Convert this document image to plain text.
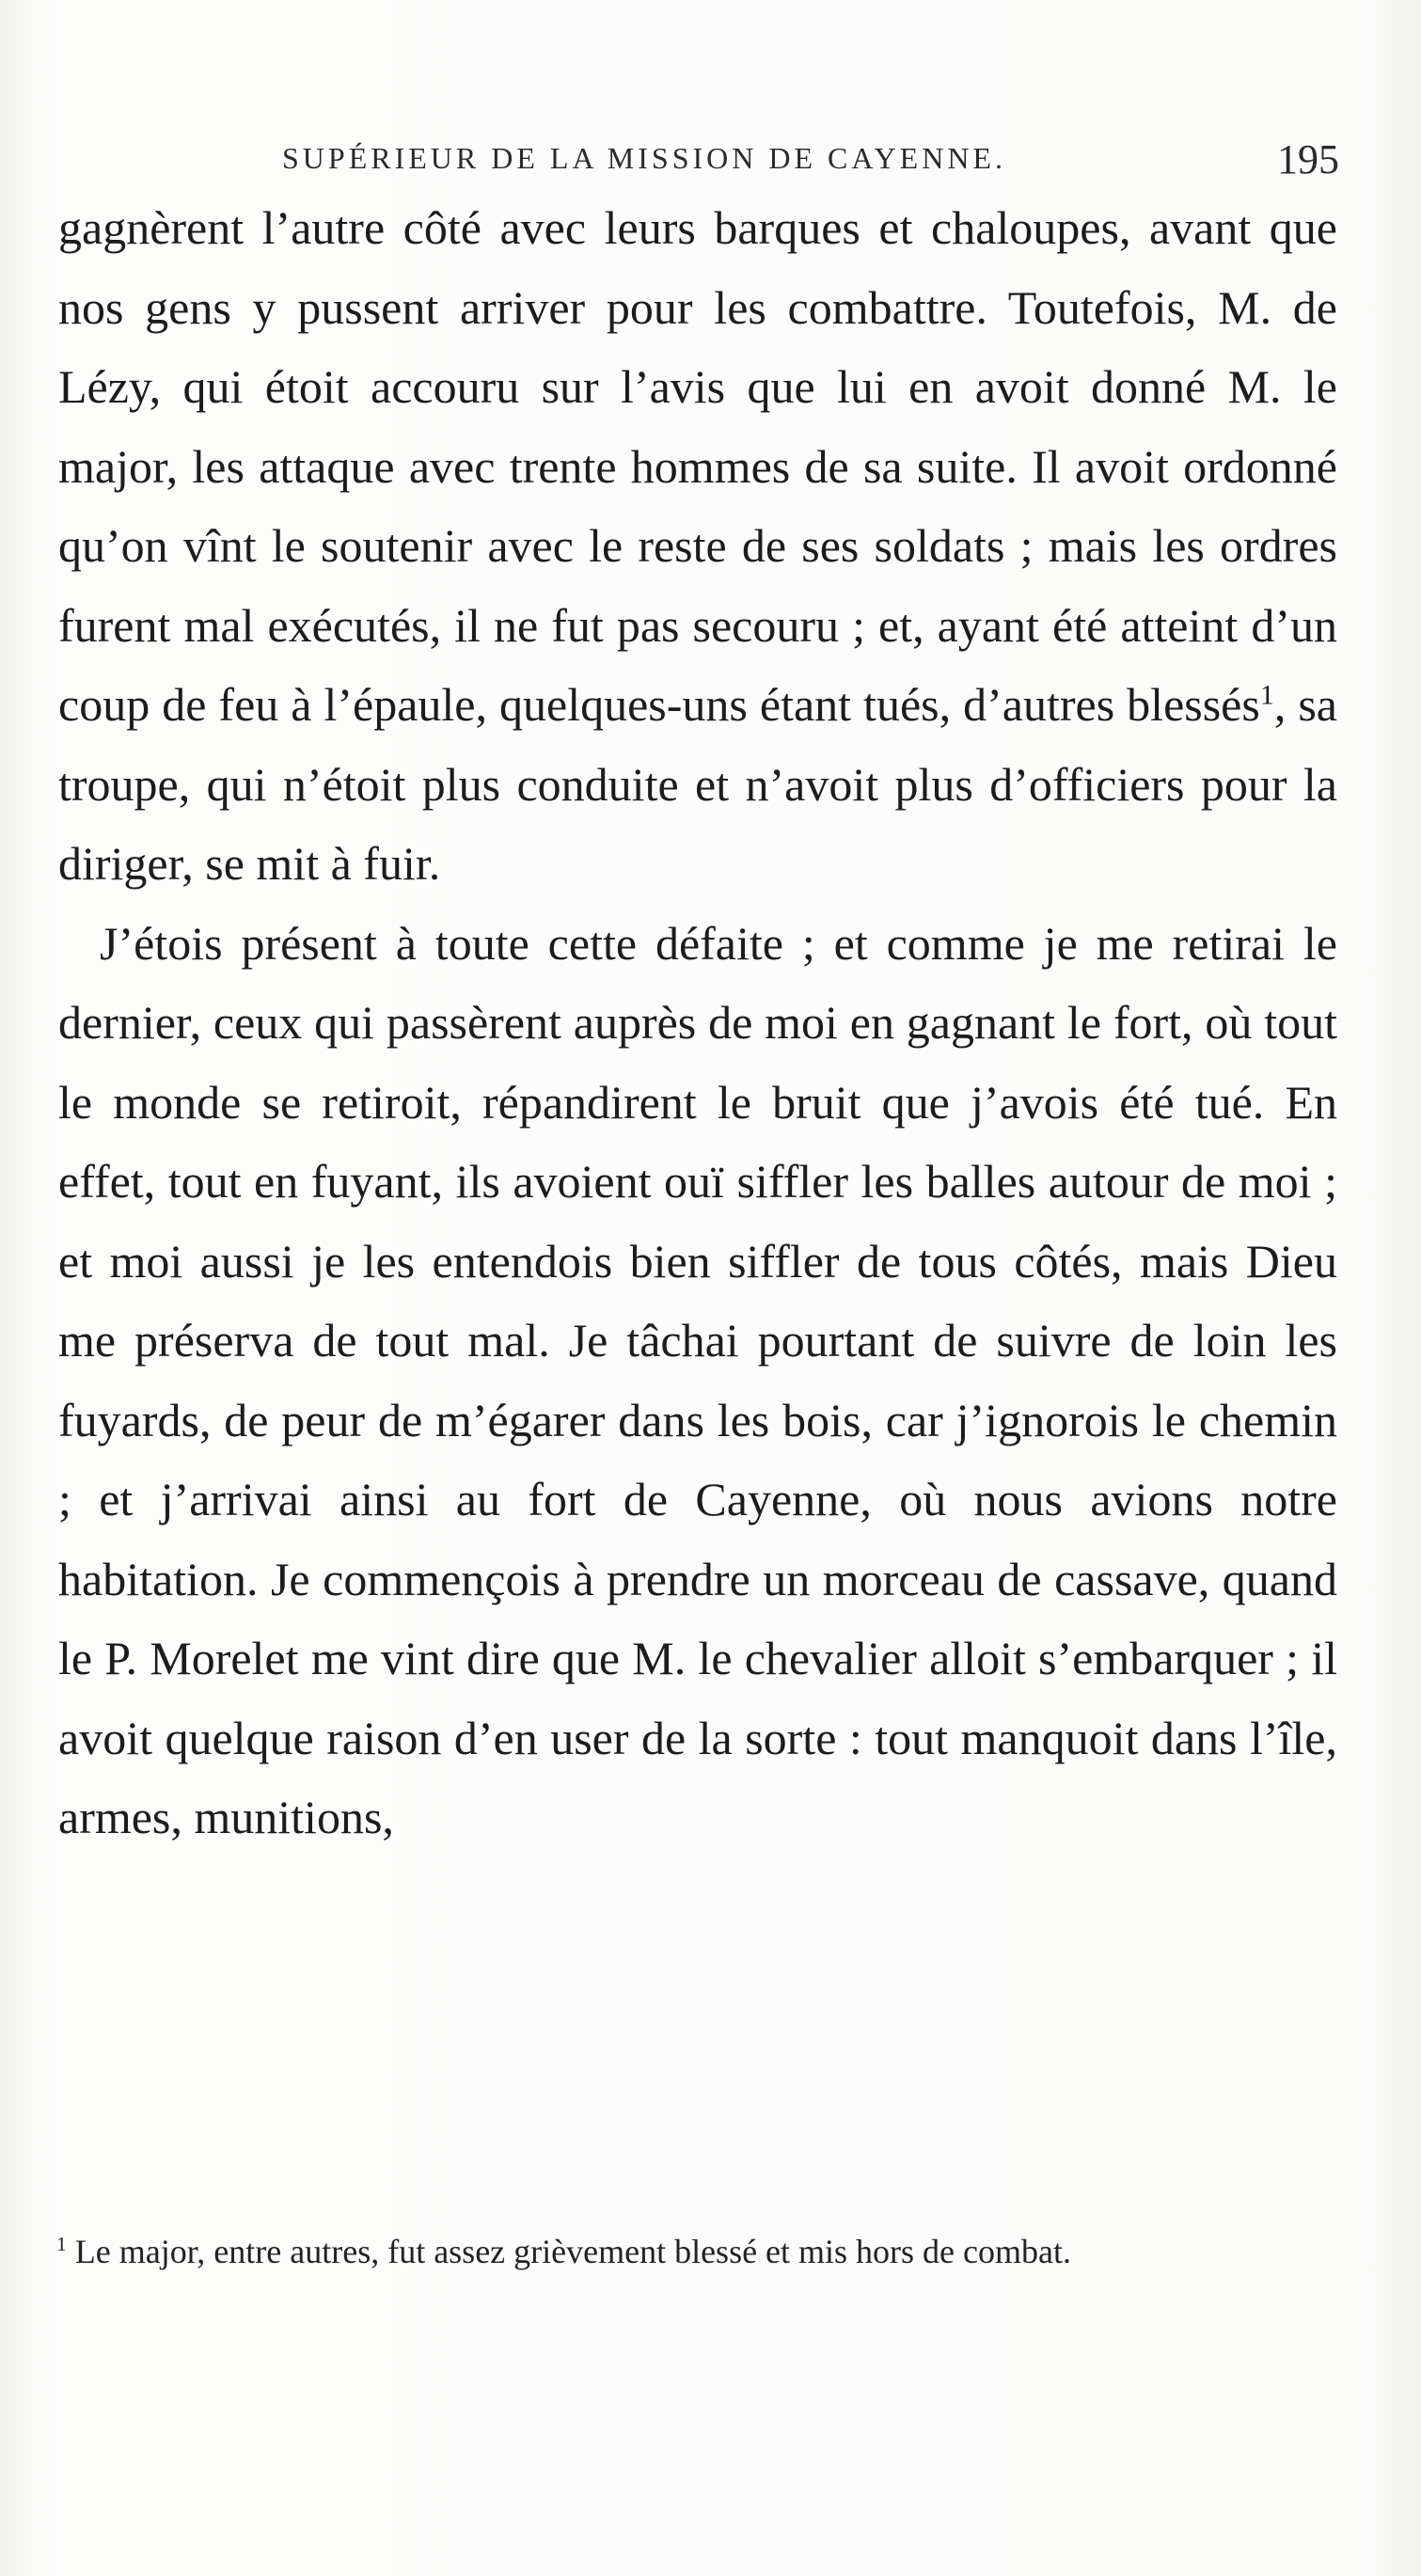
SUPÉRIEUR DE LA MISSION DE CAYENNE.	195

gagnèrent l’autre côté avec leurs barques et chaloupes, avant que nos gens y pussent arriver pour les combattre. Toutefois, M. de Lézy, qui étoit accouru sur l’avis que lui en avoit donné M. le major, les attaque avec trente hommes de sa suite. Il avoit ordonné qu’on vînt le soutenir avec le reste de ses soldats ; mais les ordres furent mal exécutés, il ne fut pas secouru ; et, ayant été atteint d’un coup de feu à l’épaule, quelques-uns étant tués, d’autres blessés$^1$, sa troupe, qui n’étoit plus conduite et n’avoit plus d’officiers pour la diriger, se mit à fuir.

J’étois présent à toute cette défaite ; et comme je me retirai le dernier, ceux qui passèrent auprès de moi en gagnant le fort, où tout le monde se retiroit, répandirent le bruit que j’avois été tué. En effet, tout en fuyant, ils avoient ouï siffler les balles autour de moi ; et moi aussi je les entendois bien siffler de tous côtés, mais Dieu me préserva de tout mal. Je tâchai pourtant de suivre de loin les fuyards, de peur de m’égarer dans les bois, car j’ignorois le chemin ; et j’arrivai ainsi au fort de Cayenne, où nous avions notre habitation. Je commençois à prendre un morceau de cassave, quand le P. Morelet me vint dire que M. le chevalier alloit s’embarquer ; il avoit quelque raison d’en user de la sorte : tout manquoit dans l’île, armes, munitions,

$^1$ Le major, entre autres, fut assez grièvement blessé et mis hors de combat.
